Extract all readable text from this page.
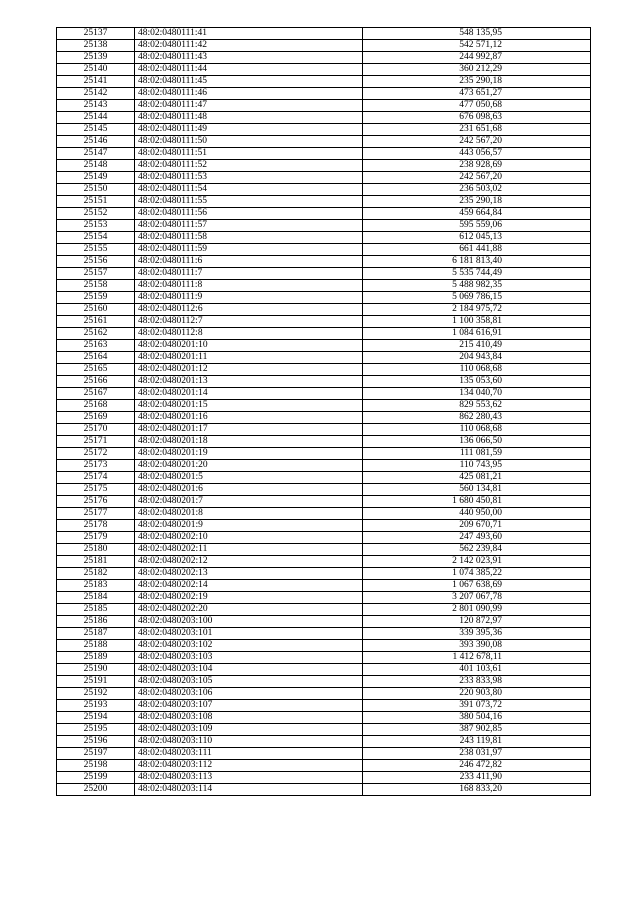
25137	48:02:0480111:41	548 135,95
25138	48:02:0480111:42	542 571,12
25139	48:02:0480111:43	244 992,87
25140	48:02:0480111:44	360 212,29
25141	48:02:0480111:45	235 290,18
25142	48:02:0480111:46	473 651,27
25143	48:02:0480111:47	477 050,68
25144	48:02:0480111:48	676 098,63
25145	48:02:0480111:49	231 651,68
25146	48:02:0480111:50	242 567,20
25147	48:02:0480111:51	443 056,57
25148	48:02:0480111:52	238 928,69
25149	48:02:0480111:53	242 567,20
25150	48:02:0480111:54	236 503,02
25151	48:02:0480111:55	235 290,18
25152	48:02:0480111:56	459 664,84
25153	48:02:0480111:57	595 559,06
25154	48:02:0480111:58	612 045,13
25155	48:02:0480111:59	661 441,88
25156	48:02:0480111:6	6 181 813,40
25157	48:02:0480111:7	5 535 744,49
25158	48:02:0480111:8	5 488 982,35
25159	48:02:0480111:9	5 069 786,15
25160	48:02:0480112:6	2 184 975,72
25161	48:02:0480112:7	1 100 358,81
25162	48:02:0480112:8	1 084 616,91
25163	48:02:0480201:10	215 410,49
25164	48:02:0480201:11	204 943,84
25165	48:02:0480201:12	110 068,68
25166	48:02:0480201:13	135 053,60
25167	48:02:0480201:14	134 040,70
25168	48:02:0480201:15	829 553,62
25169	48:02:0480201:16	862 280,43
25170	48:02:0480201:17	110 068,68
25171	48:02:0480201:18	136 066,50
25172	48:02:0480201:19	111 081,59
25173	48:02:0480201:20	110 743,95
25174	48:02:0480201:5	425 081,21
25175	48:02:0480201:6	560 134,81
25176	48:02:0480201:7	1 680 450,81
25177	48:02:0480201:8	440 950,00
25178	48:02:0480201:9	209 670,71
25179	48:02:0480202:10	247 493,60
25180	48:02:0480202:11	562 239,84
25181	48:02:0480202:12	2 142 023,91
25182	48:02:0480202:13	1 074 385,22
25183	48:02:0480202:14	1 067 638,69
25184	48:02:0480202:19	3 207 067,78
25185	48:02:0480202:20	2 801 090,99
25186	48:02:0480203:100	120 872,97
25187	48:02:0480203:101	339 395,36
25188	48:02:0480203:102	393 390,08
25189	48:02:0480203:103	1 412 678,11
25190	48:02:0480203:104	401 103,61
25191	48:02:0480203:105	233 833,98
25192	48:02:0480203:106	220 903,80
25193	48:02:0480203:107	391 073,72
25194	48:02:0480203:108	380 504,16
25195	48:02:0480203:109	387 902,85
25196	48:02:0480203:110	243 119,81
25197	48:02:0480203:111	238 031,97
25198	48:02:0480203:112	246 472,82
25199	48:02:0480203:113	233 411,90
25200	48:02:0480203:114	168 833,20
